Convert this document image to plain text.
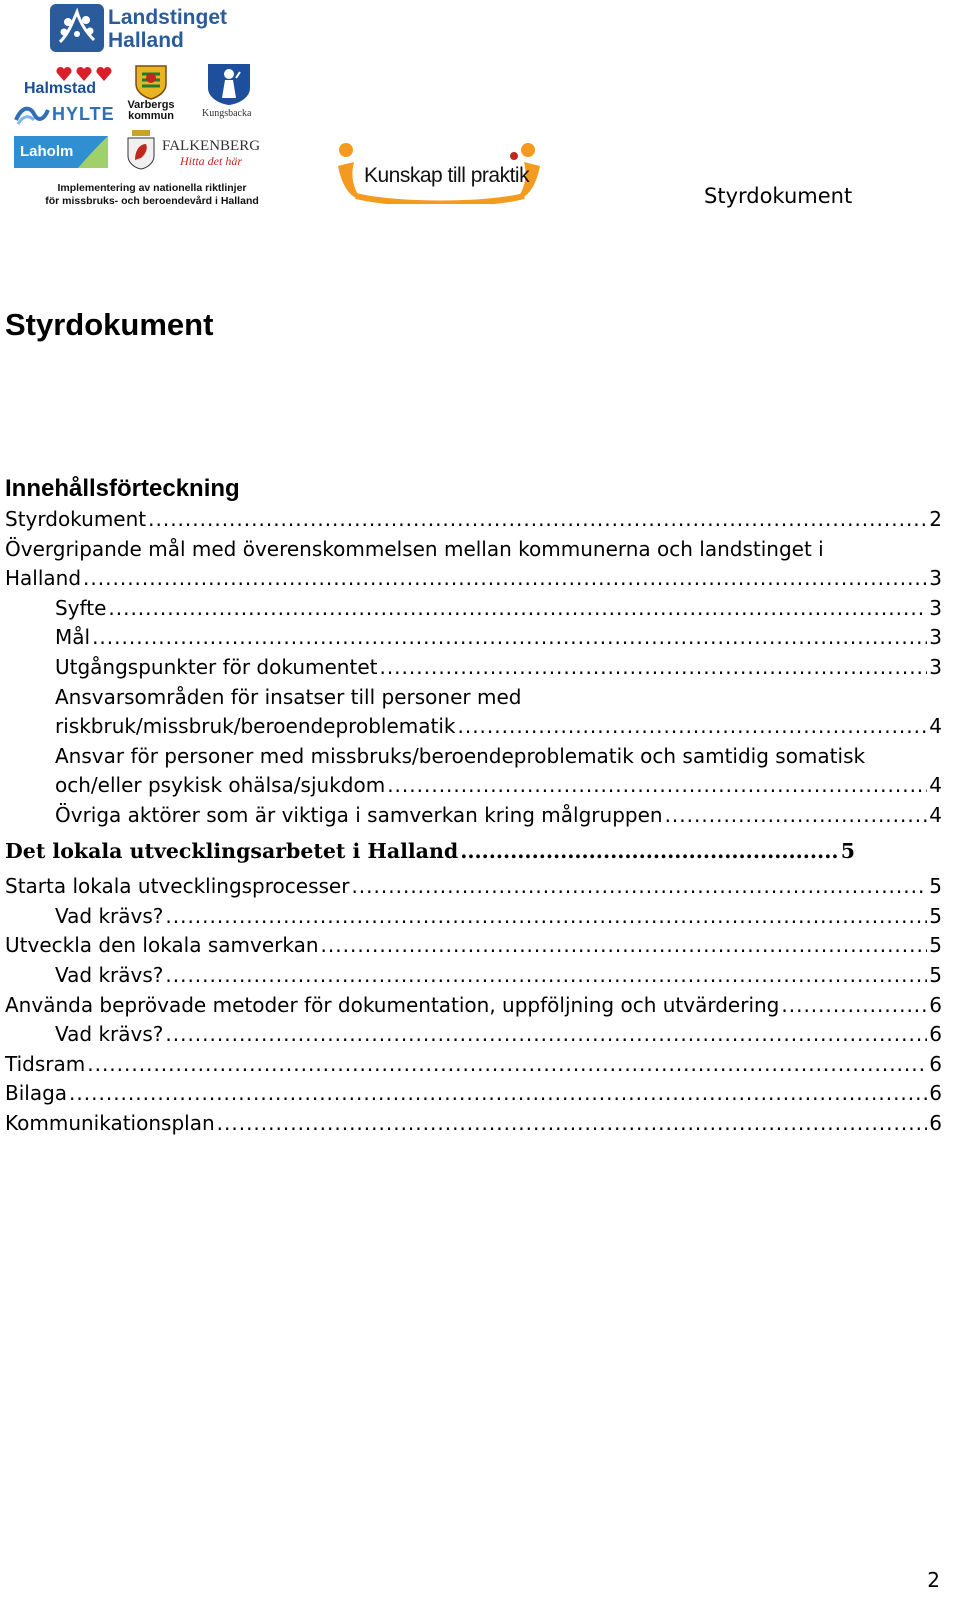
Landstinget
Halland
Halmstad
HYLTE	Varbergs
kommun	Kungsbacka
Laholm	FALKENBERG
Hitta det här
Implementering av nationella riktlinjer
för missbruks- och beroendevård i Halland
Kunskap till praktik
Styrdokument
Styrdokument
Innehållsförteckning
Styrdokument .....	2
Övergripande mål med överenskommelsen mellan kommunerna och landstinget i
Halland .....	3
Syfte .....	3
Mål .....	3
Utgångspunkter för dokumentet .....	3
Ansvarsområden för insatser till personer med
riskbruk/missbruk/beroendeproblematik .....	4
Ansvar för personer med missbruks/beroendeproblematik och samtidig somatisk
och/eller psykisk ohälsa/sjukdom .....	4
Övriga aktörer som är viktiga i samverkan kring målgruppen .....	4
Det lokala utvecklingsarbetet i Halland .....	5
Starta lokala utvecklingsprocesser .....	5
Vad krävs? .....	5
Utveckla den lokala samverkan .....	5
Vad krävs? .....	5
Använda beprövade metoder för dokumentation, uppföljning och utvärdering .....	6
Vad krävs? .....	6
Tidsram .....	6
Bilaga .....	6
Kommunikationsplan .....	6
2
